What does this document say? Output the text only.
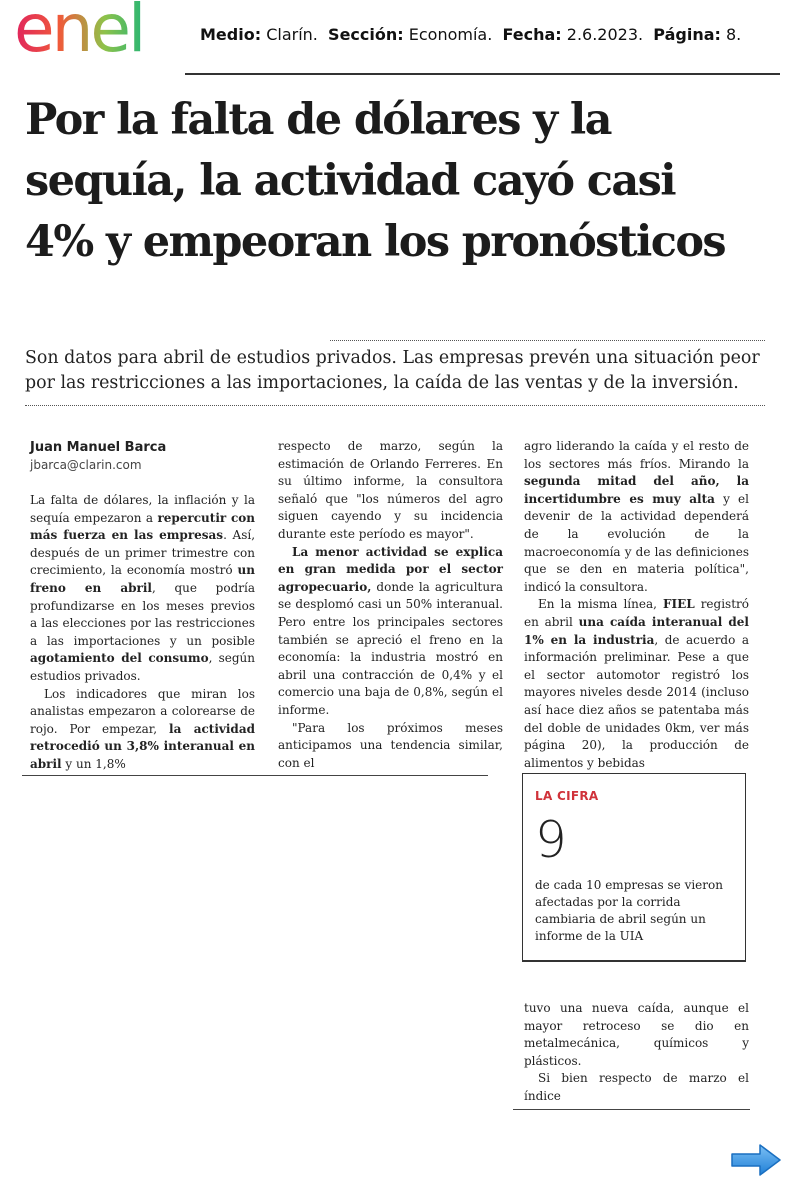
enel	Medio: Clarín. Sección: Economía. Fecha: 2.6.2023. Página: 8.
Por la falta de dólares y la
sequía, la actividad cayó casi
4% y empeoran los pronósticos

Son datos para abril de estudios privados. Las empresas prevén una situación peor
por las restricciones a las importaciones, la caída de las ventas y de la inversión.

Juan Manuel Barca
jbarca@clarin.com

La falta de dólares, la inflación y la sequía empezaron a repercutir con más fuerza en las empresas. Así, después de un primer trimestre con crecimiento, la economía mostró un freno en abril, que podría profundizarse en los meses previos a las elecciones por las restricciones a las importaciones y un posible agotamiento del consumo, según estudios privados.

Los indicadores que miran los analistas empezaron a colorearse de rojo. Por empezar, la actividad retrocedió un 3,8% interanual en abril y un 1,8%

respecto de marzo, según la estimación de Orlando Ferreres. En su último informe, la consultora señaló que "los números del agro siguen cayendo y su incidencia durante este período es mayor".

La menor actividad se explica en gran medida por el sector agropecuario, donde la agricultura se desplomó casi un 50% interanual. Pero entre los principales sectores también se apreció el freno en la economía: la industria mostró en abril una contracción de 0,4% y el comercio una baja de 0,8%, según el informe.

"Para los próximos meses anticipamos una tendencia similar, con el

agro liderando la caída y el resto de los sectores más fríos. Mirando la segunda mitad del año, la incertidumbre es muy alta y el devenir de la actividad dependerá de la evolución de la macroeconomía y de las definiciones que se den en materia política", indicó la consultora.

En la misma línea, FIEL registró en abril una caída interanual del 1% en la industria, de acuerdo a información preliminar. Pese a que el sector automotor registró los mayores niveles desde 2014 (incluso así hace diez años se patentaba más del doble de unidades 0km, ver más página 20), la producción de alimentos y bebidas

LA CIFRA
9
de cada 10 empresas se vieron afectadas por la corrida cambiaria de abril según un informe de la UIA

tuvo una nueva caída, aunque el mayor retroceso se dio en metalmecánica, químicos y plásticos.

Si bien respecto de marzo el índice
